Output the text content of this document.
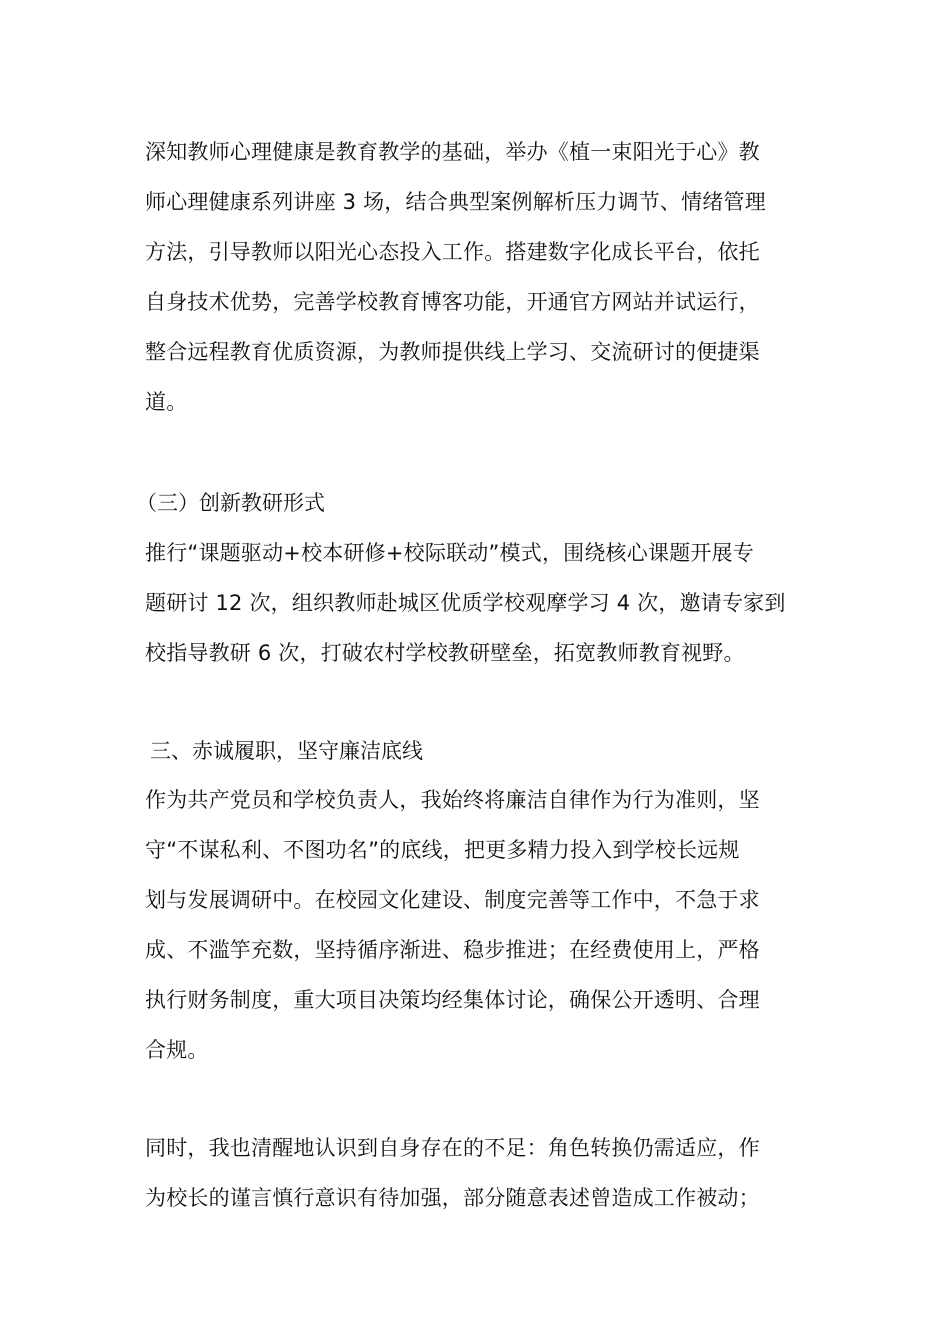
深知教师心理健康是教育教学的基础，举办《植一束阳光于心》教
师心理健康系列讲座 3 场，结合典型案例解析压力调节、情绪管理
方法，引导教师以阳光心态投入工作。搭建数字化成长平台，依托
自身技术优势，完善学校教育博客功能，开通官方网站并试运行，
整合远程教育优质资源，为教师提供线上学习、交流研讨的便捷渠
道。
（三）创新教研形式
推行“课题驱动+校本研修+校际联动”模式，围绕核心课题开展专
题研讨 12 次，组织教师赴城区优质学校观摩学习 4 次，邀请专家到
校指导教研 6 次，打破农村学校教研壁垒，拓宽教师教育视野。
三、赤诚履职，坚守廉洁底线
作为共产党员和学校负责人，我始终将廉洁自律作为行为准则，坚
守“不谋私利、不图功名”的底线，把更多精力投入到学校长远规
划与发展调研中。在校园文化建设、制度完善等工作中，不急于求
成、不滥竽充数，坚持循序渐进、稳步推进；在经费使用上，严格
执行财务制度，重大项目决策均经集体讨论，确保公开透明、合理
合规。
同时，我也清醒地认识到自身存在的不足：角色转换仍需适应，作
为校长的谨言慎行意识有待加强，部分随意表述曾造成工作被动；
